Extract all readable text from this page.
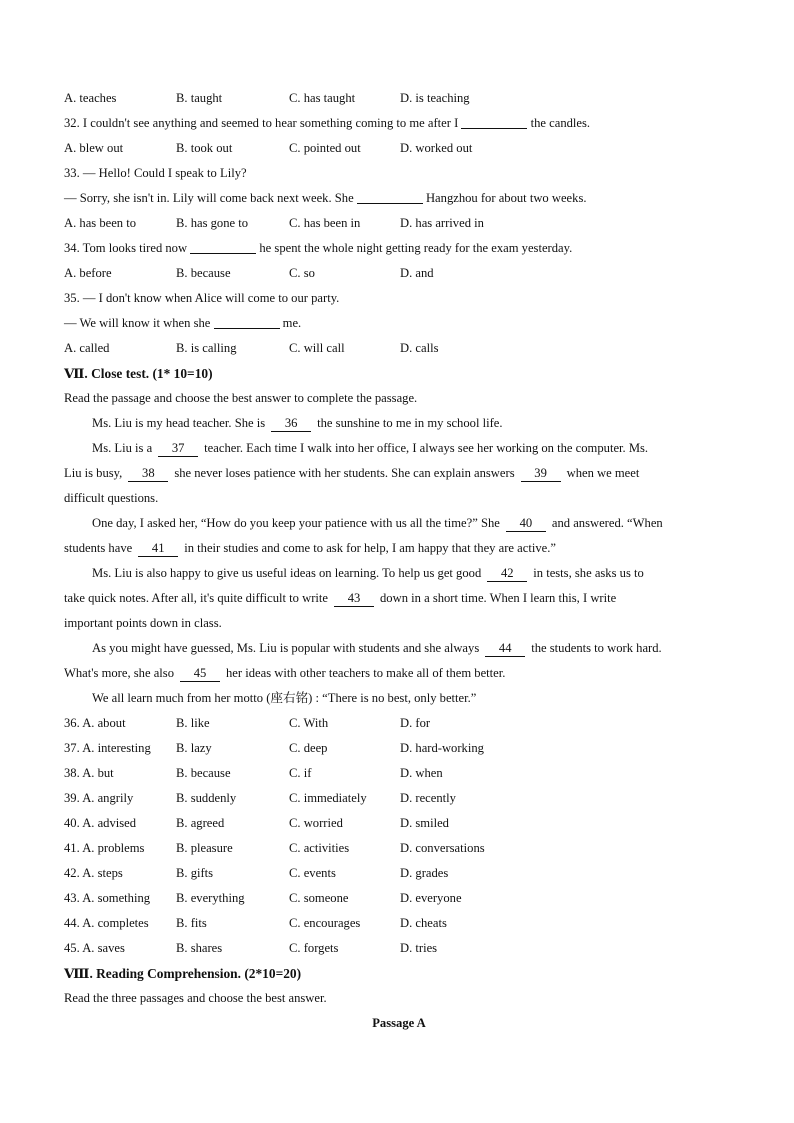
A. teaches	B. taught	C. has taught	D. is teaching
32. I couldn't see anything and seemed to hear something coming to me after I	the candles.
A. blew out	B. took out	C. pointed out	D. worked out
33. — Hello! Could I speak to Lily?
— Sorry, she isn't in. Lily will come back next week. She	Hangzhou for about two weeks.
A. has been to	B. has gone to	C. has been in	D. has arrived in
34. Tom looks tired now	he spent the whole night getting ready for the exam yesterday.
A. before	B. because	C. so	D. and
35. — I don't know when Alice will come to our party.
— We will know it when she	me.
A. called	B. is calling	C. will call	D. calls
Ⅶ. Close test. (1* 10=10)
Read the passage and choose the best answer to complete the passage.
Ms. Liu is my head teacher. She is 36 the sunshine to me in my school life.
Ms. Liu is a 37 teacher. Each time I walk into her office, I always see her working on the computer. Ms.
Liu is busy, 38 she never loses patience with her students. She can explain answers 39 when we meet
difficult questions.
One day, I asked her, “How do you keep your patience with us all the time?” She 40 and answered. “When
students have 41 in their studies and come to ask for help, I am happy that they are active.”
Ms. Liu is also happy to give us useful ideas on learning. To help us get good 42 in tests, she asks us to
take quick notes. After all, it's quite difficult to write 43 down in a short time. When I learn this, I write
important points down in class.
As you might have guessed, Ms. Liu is popular with students and she always 44 the students to work hard.
What's more, she also 45 her ideas with other teachers to make all of them better.
We all learn much from her motto (座右铭) : “There is no best, only better.”
36. A. about	B. like	C. With	D. for
37. A. interesting B. lazy	C. deep	D. hard-working
38. A. but	B. because	C. if	D. when
39. A. angrily	B. suddenly	C. immediately	D. recently
40. A. advised	B. agreed	C. worried	D. smiled
41. A. problems	B. pleasure	C. activities	D. conversations
42. A. steps	B. gifts	C. events	D. grades
43. A. something B. everything	C. someone	D. everyone
44. A. completes B. fits	C. encourages	D. cheats
45. A. saves	B. shares	C. forgets	D. tries
Ⅷ. Reading Comprehension. (2*10=20)
Read the three passages and choose the best answer.
Passage A
